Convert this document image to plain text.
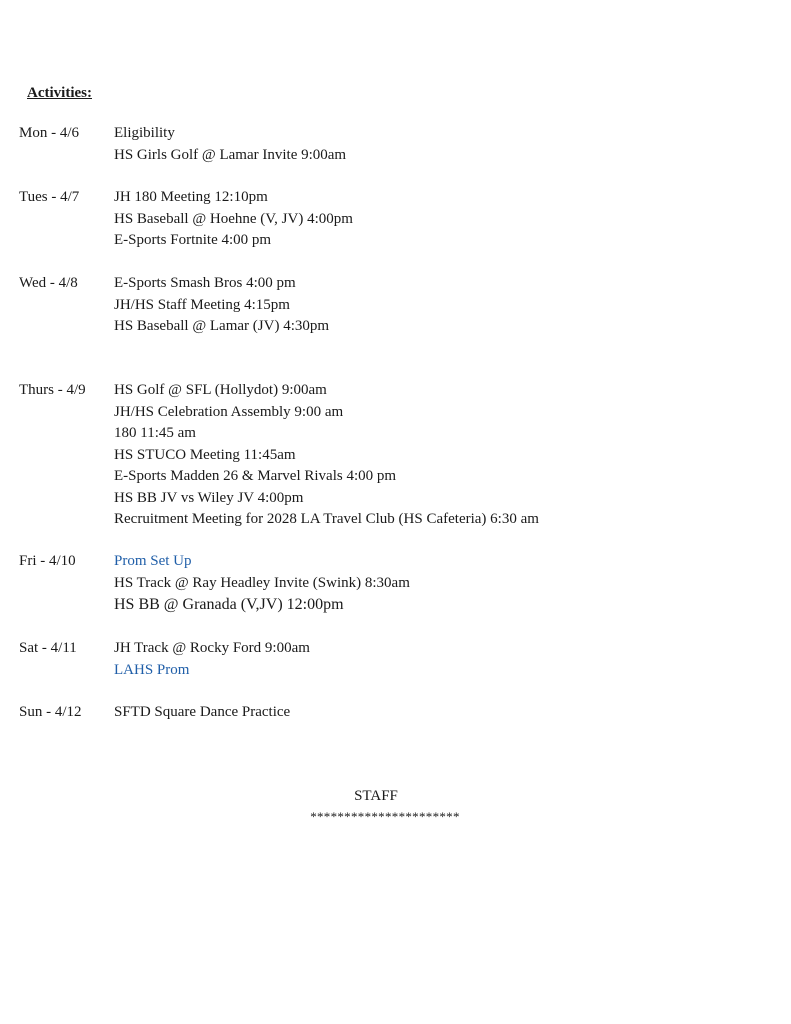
Activities:
Mon - 4/6 Eligibility
HS Girls Golf @ Lamar Invite 9:00am
Tues - 4/7 JH 180 Meeting 12:10pm
HS Baseball @ Hoehne (V, JV) 4:00pm
E-Sports Fortnite 4:00 pm
Wed - 4/8 E-Sports Smash Bros 4:00 pm
JH/HS Staff Meeting 4:15pm
HS Baseball @ Lamar (JV) 4:30pm
Thurs - 4/9 HS Golf @ SFL (Hollydot) 9:00am
JH/HS Celebration Assembly 9:00 am
180 11:45 am
HS STUCO Meeting 11:45am
E-Sports Madden 26 & Marvel Rivals 4:00 pm
HS BB JV vs Wiley JV 4:00pm
Recruitment Meeting for 2028 LA Travel Club (HS Cafeteria) 6:30 am
Fri - 4/10	Prom Set Up
HS Track @ Ray Headley Invite (Swink) 8:30am
HS BB @ Granada (V,JV) 12:00pm
Sat - 4/11 JH Track @ Rocky Ford 9:00am
LAHS Prom
Sun - 4/12 SFTD Square Dance Practice
STAFF
**********************
